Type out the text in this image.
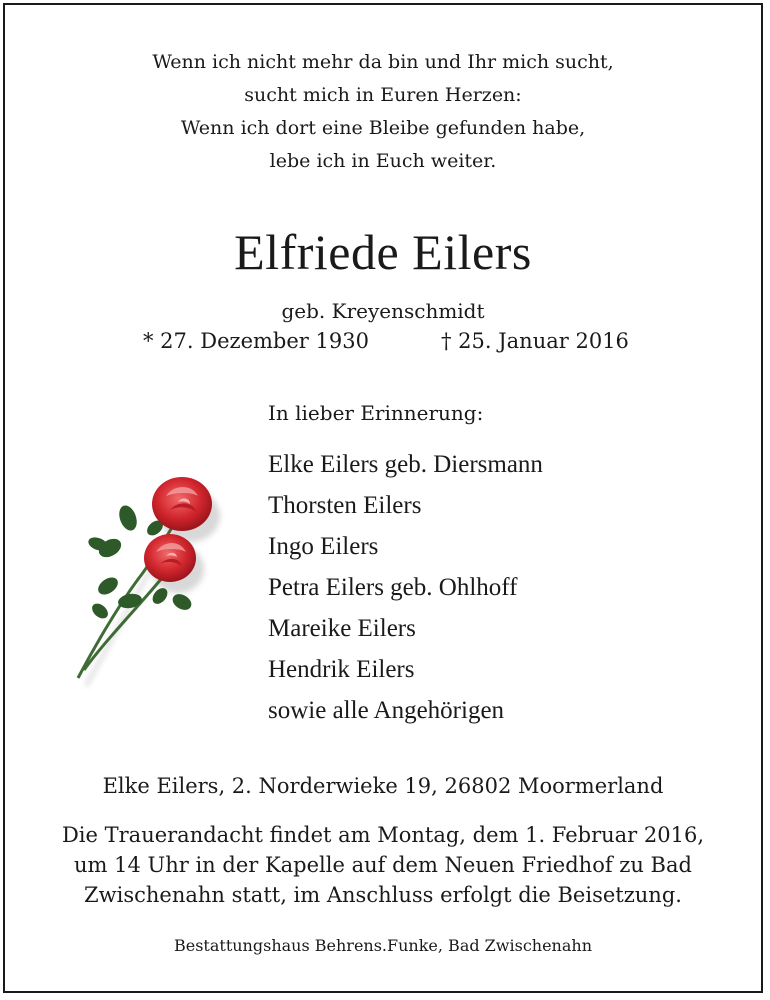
Wenn ich nicht mehr da bin und Ihr mich sucht,
sucht mich in Euren Herzen:
Wenn ich dort eine Bleibe gefunden habe,
lebe ich in Euch weiter.
Elfriede Eilers
geb. Kreyenschmidt
* 27. Dezember 1930	† 25. Januar 2016
In lieber Erinnerung:
Elke Eilers geb. Diersmann
Thorsten Eilers
Ingo Eilers
Petra Eilers geb. Ohlhoff
Mareike Eilers
Hendrik Eilers
sowie alle Angehörigen
Elke Eilers, 2. Norderwieke 19, 26802 Moormerland
Die Trauerandacht findet am Montag, dem 1. Februar 2016,
um 14 Uhr in der Kapelle auf dem Neuen Friedhof zu Bad
Zwischenahn statt, im Anschluss erfolgt die Beisetzung.
Bestattungshaus Behrens.Funke, Bad Zwischenahn
